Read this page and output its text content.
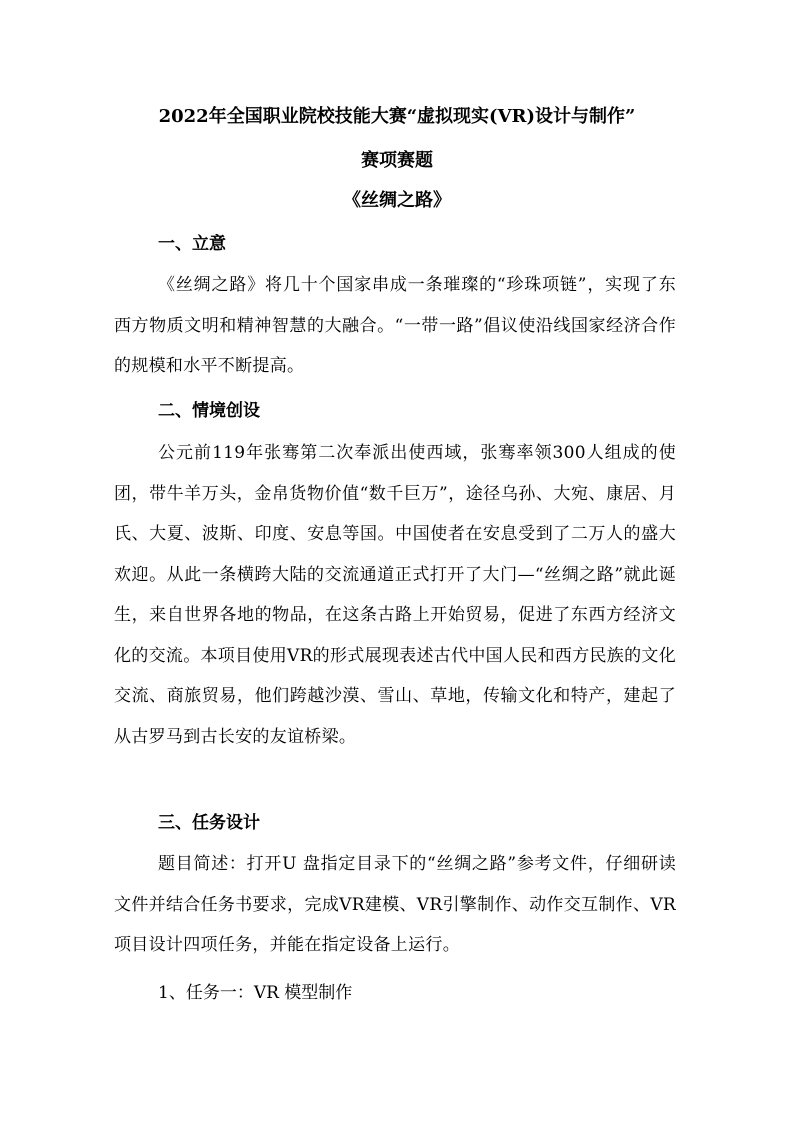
2022年全国职业院校技能大赛“虚拟现实(VR)设计与制作”
赛项赛题
《丝绸之路》
一、立意
《丝绸之路》将几十个国家串成一条璀璨的“珍珠项链”，实现了东西方物质文明和精神智慧的大融合。“一带一路”倡议使沿线国家经济合作的规模和水平不断提高。
二、情境创设
公元前119年张骞第二次奉派出使西域，张骞率领300人组成的使团，带牛羊万头，金帛货物价值“数千巨万”，途径乌孙、大宛、康居、月氏、大夏、波斯、印度、安息等国。中国使者在安息受到了二万人的盛大欢迎。从此一条横跨大陆的交流通道正式打开了大门—“丝绸之路”就此诞生，来自世界各地的物品，在这条古路上开始贸易，促进了东西方经济文化的交流。本项目使用VR的形式展现表述古代中国人民和西方民族的文化交流、商旅贸易，他们跨越沙漠、雪山、草地，传输文化和特产，建起了从古罗马到古长安的友谊桥梁。
三、任务设计
题目简述：打开U 盘指定目录下的“丝绸之路”参考文件，仔细研读文件并结合任务书要求，完成VR建模、VR引擎制作、动作交互制作、VR项目设计四项任务，并能在指定设备上运行。
1、任务一：VR 模型制作
